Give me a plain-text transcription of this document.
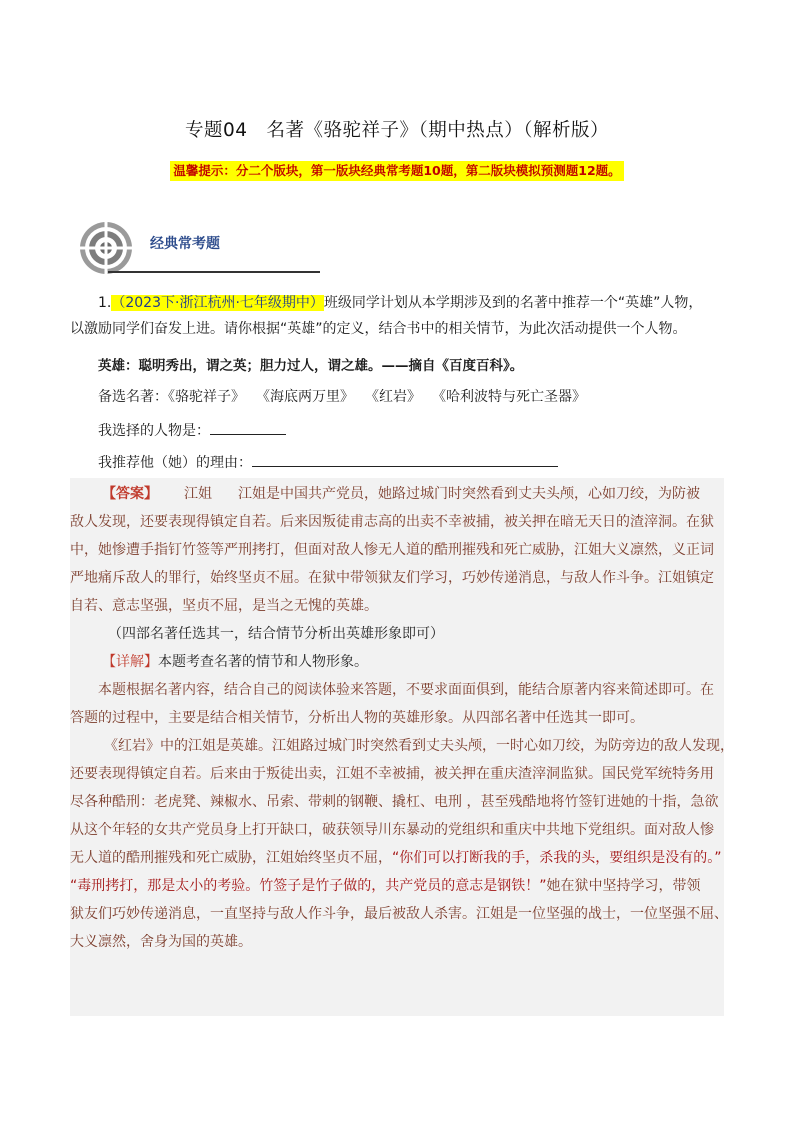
专题04　名著《骆驼祥子》（期中热点）（解析版）
温馨提示：分二个版块，第一版块经典常考题10题，第二版块模拟预测题12题。
经典常考题
1.（2023下·浙江杭州·七年级期中）班级同学计划从本学期涉及到的名著中推荐一个“英雄”人物，
以激励同学们奋发上进。请你根据“英雄”的定义，结合书中的相关情节，为此次活动提供一个人物。
英雄：聪明秀出，谓之英；胆力过人，谓之雄。——摘自《百度百科》。
备选名著：《骆驼祥子》 《海底两万里》 《红岩》 《哈利波特与死亡圣器》
我选择的人物是：
我推荐他（她）的理由：
【答案】 江姐 江姐是中国共产党员，她路过城门时突然看到丈夫头颅，心如刀绞，为防被
敌人发现，还要表现得镇定自若。后来因叛徒甫志高的出卖不幸被捕，被关押在暗无天日的渣滓洞。在狱
中，她惨遭手指钉竹签等严刑拷打，但面对敌人惨无人道的酷刑摧残和死亡威胁，江姐大义凛然，义正词
严地痛斥敌人的罪行，始终坚贞不屈。在狱中带领狱友们学习，巧妙传递消息，与敌人作斗争。江姐镇定
自若、意志坚强，坚贞不屈，是当之无愧的英雄。
（四部名著任选其一，结合情节分析出英雄形象即可）
【详解】本题考查名著的情节和人物形象。
本题根据名著内容，结合自己的阅读体验来答题，不要求面面俱到，能结合原著内容来简述即可。在
答题的过程中，主要是结合相关情节，分析出人物的英雄形象。从四部名著中任选其一即可。
《红岩》中的江姐是英雄。江姐路过城门时突然看到丈夫头颅，一时心如刀绞，为防旁边的敌人发现，
还要表现得镇定自若。后来由于叛徒出卖，江姐不幸被捕，被关押在重庆渣滓洞监狱。国民党军统特务用
尽各种酷刑：老虎凳、辣椒水、吊索、带刺的钢鞭、撬杠、电刑 ，甚至残酷地将竹签钉进她的十指，急欲
从这个年轻的女共产党员身上打开缺口，破获领导川东暴动的党组织和重庆中共地下党组织。面对敌人惨
无人道的酷刑摧残和死亡威胁，江姐始终坚贞不屈，“你们可以打断我的手，杀我的头，要组织是没有的。”
“毒刑拷打，那是太小的考验。竹签子是竹子做的，共产党员的意志是钢铁！”她在狱中坚持学习，带领
狱友们巧妙传递消息，一直坚持与敌人作斗争，最后被敌人杀害。江姐是一位坚强的战士，一位坚强不屈、
大义凛然，舍身为国的英雄。
